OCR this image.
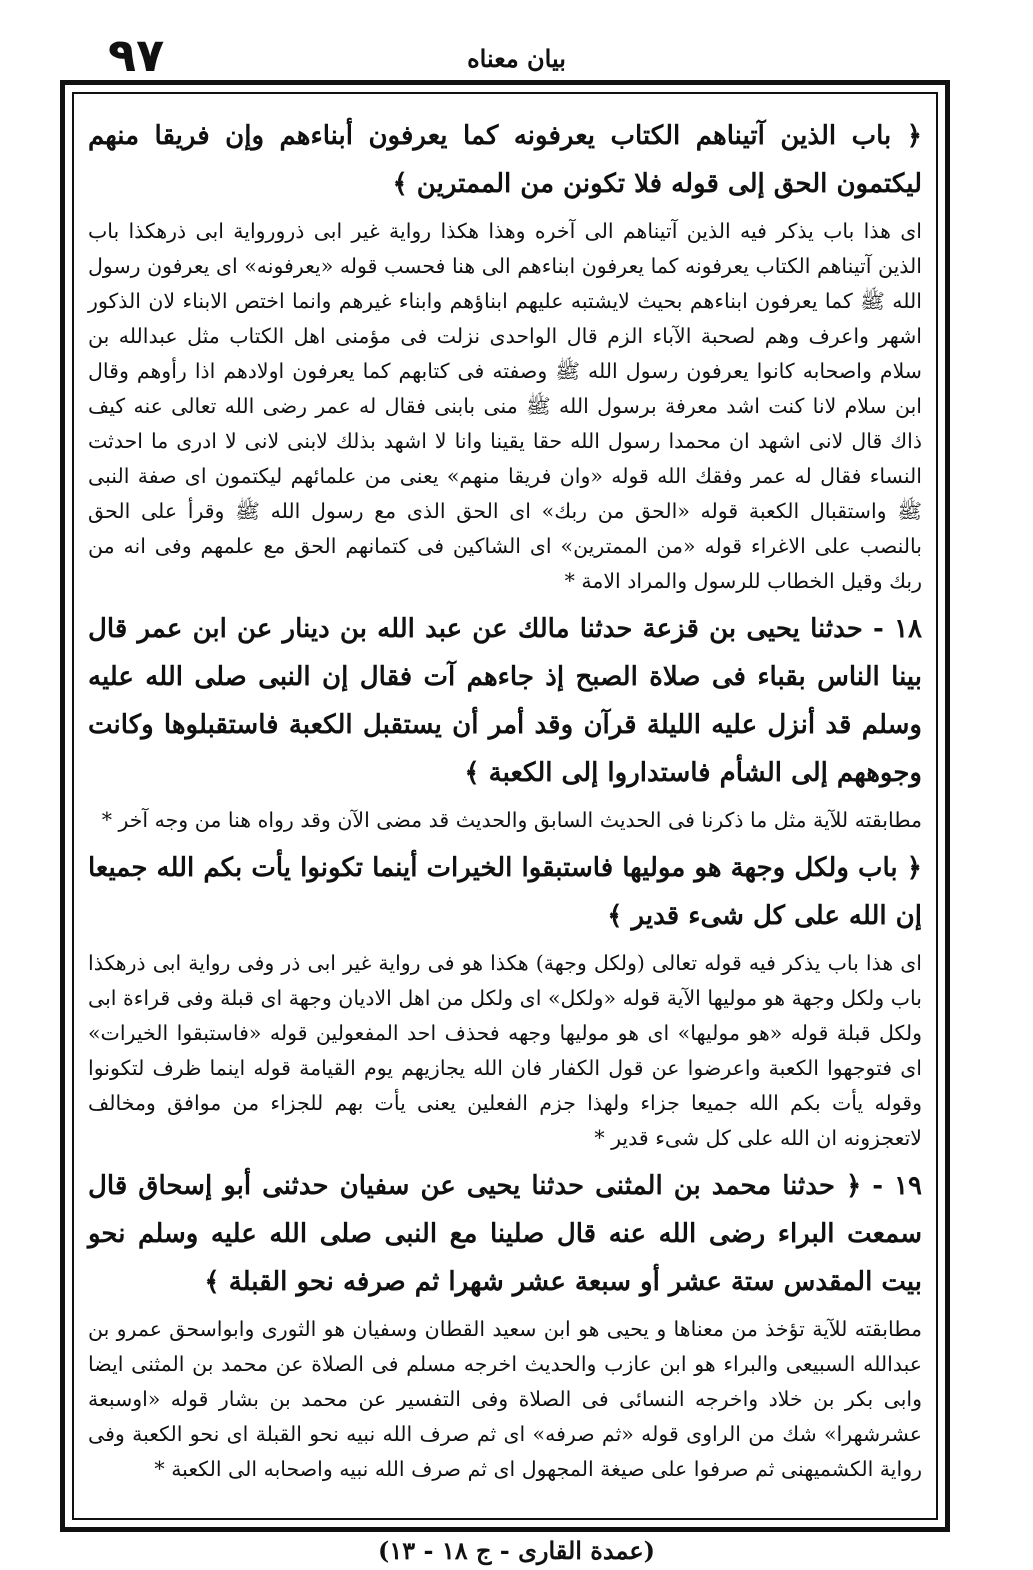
٩٧	بیان معناه
﴿ باب الذين آتيناهم الكتاب يعرفونه كما يعرفون أبناءهم وإن فريقا منهم ليكتمون الحق إلى قوله فلا تكونن من الممترين ﴾
اى هذا باب يذكر فيه الذين آتيناهم الى آخره وهذا هكذا رواية غير ابى ذرورواية ابى ذرهكذا باب الذين آتيناهم الكتاب يعرفونه كما يعرفون ابناءهم الى هنا فحسب قوله «يعرفونه» اى يعرفون رسول الله ﷺ كما يعرفون ابناءهم بحيث لايشتبه عليهم ابناؤهم وابناء غيرهم وانما اختص الابناء لان الذكور اشهر واعرف وهم لصحبة الآباء الزم قال الواحدى نزلت فى مؤمنى اهل الكتاب مثل عبدالله بن سلام واصحابه كانوا يعرفون رسول الله ﷺ وصفته فى كتابهم كما يعرفون اولادهم اذا رأوهم وقال ابن سلام لانا كنت اشد معرفة برسول الله ﷺ منى بابنى فقال له عمر رضى الله تعالى عنه كيف ذاك قال لانى اشهد ان محمدا رسول الله حقا يقينا وانا لا اشهد بذلك لابنى لانى لا ادرى ما احدثت النساء فقال له عمر وفقك الله قوله «وان فريقا منهم» يعنى من علمائهم ليكتمون اى صفة النبى ﷺ واستقبال الكعبة قوله «الحق من ربك» اى الحق الذى مع رسول الله ﷺ وقرأ على الحق بالنصب على الاغراء قوله «من الممترين» اى الشاكين فى كتمانهم الحق مع علمهم وفى انه من ربك وقيل الخطاب للرسول والمراد الامة *
١٨ - حدثنا يحيى بن قزعة حدثنا مالك عن عبد الله بن دينار عن ابن عمر قال بينا الناس بقباء فى صلاة الصبح إذ جاءهم آت فقال إن النبى صلى الله عليه وسلم قد أنزل عليه الليلة قرآن وقد أمر أن يستقبل الكعبة فاستقبلوها وكانت وجوههم إلى الشأم فاستداروا إلى الكعبة ﴾
مطابقته للآية مثل ما ذكرنا فى الحديث السابق والحديث قد مضى الآن وقد رواه هنا من وجه آخر *
﴿ باب ولكل وجهة هو موليها فاستبقوا الخيرات أينما تكونوا يأت بكم الله جميعا إن الله على كل شىء قدير ﴾
اى هذا باب يذكر فيه قوله تعالى (ولكل وجهة) هكذا هو فى رواية غير ابى ذر وفى رواية ابى ذرهكذا باب ولكل وجهة هو موليها الآية قوله «ولكل» اى ولكل من اهل الاديان وجهة اى قبلة وفى قراءة ابى ولكل قبلة قوله «هو موليها» اى هو موليها وجهه فحذف احد المفعولين قوله «فاستبقوا الخيرات» اى فتوجهوا الكعبة واعرضوا عن قول الكفار فان الله يجازيهم يوم القيامة قوله اينما ظرف لتكونوا وقوله يأت بكم الله جميعا جزاء ولهذا جزم الفعلين يعنى يأت بهم للجزاء من موافق ومخالف لاتعجزونه ان الله على كل شىء قدير *
١٩ - ﴿ حدثنا محمد بن المثنى حدثنا يحيى عن سفيان حدثنى أبو إسحاق قال سمعت البراء رضى الله عنه قال صلينا مع النبى صلى الله عليه وسلم نحو بيت المقدس ستة عشر أو سبعة عشر شهرا ثم صرفه نحو القبلة ﴾
مطابقته للآية تؤخذ من معناها و يحيى هو ابن سعيد القطان وسفيان هو الثورى وابواسحق عمرو بن عبدالله السبيعى والبراء هو ابن عازب والحديث اخرجه مسلم فى الصلاة عن محمد بن المثنى ايضا وابى بكر بن خلاد واخرجه النسائى فى الصلاة وفى التفسير عن محمد بن بشار قوله «اوسبعة عشرشهرا» شك من الراوى قوله «ثم صرفه» اى ثم صرف الله نبيه نحو القبلة اى نحو الكعبة وفى رواية الكشميهنى ثم صرفوا على صيغة المجهول اى ثم صرف الله نبيه واصحابه الى الكعبة *
(عمدة القارى - ج ١٨ - ١٣)
